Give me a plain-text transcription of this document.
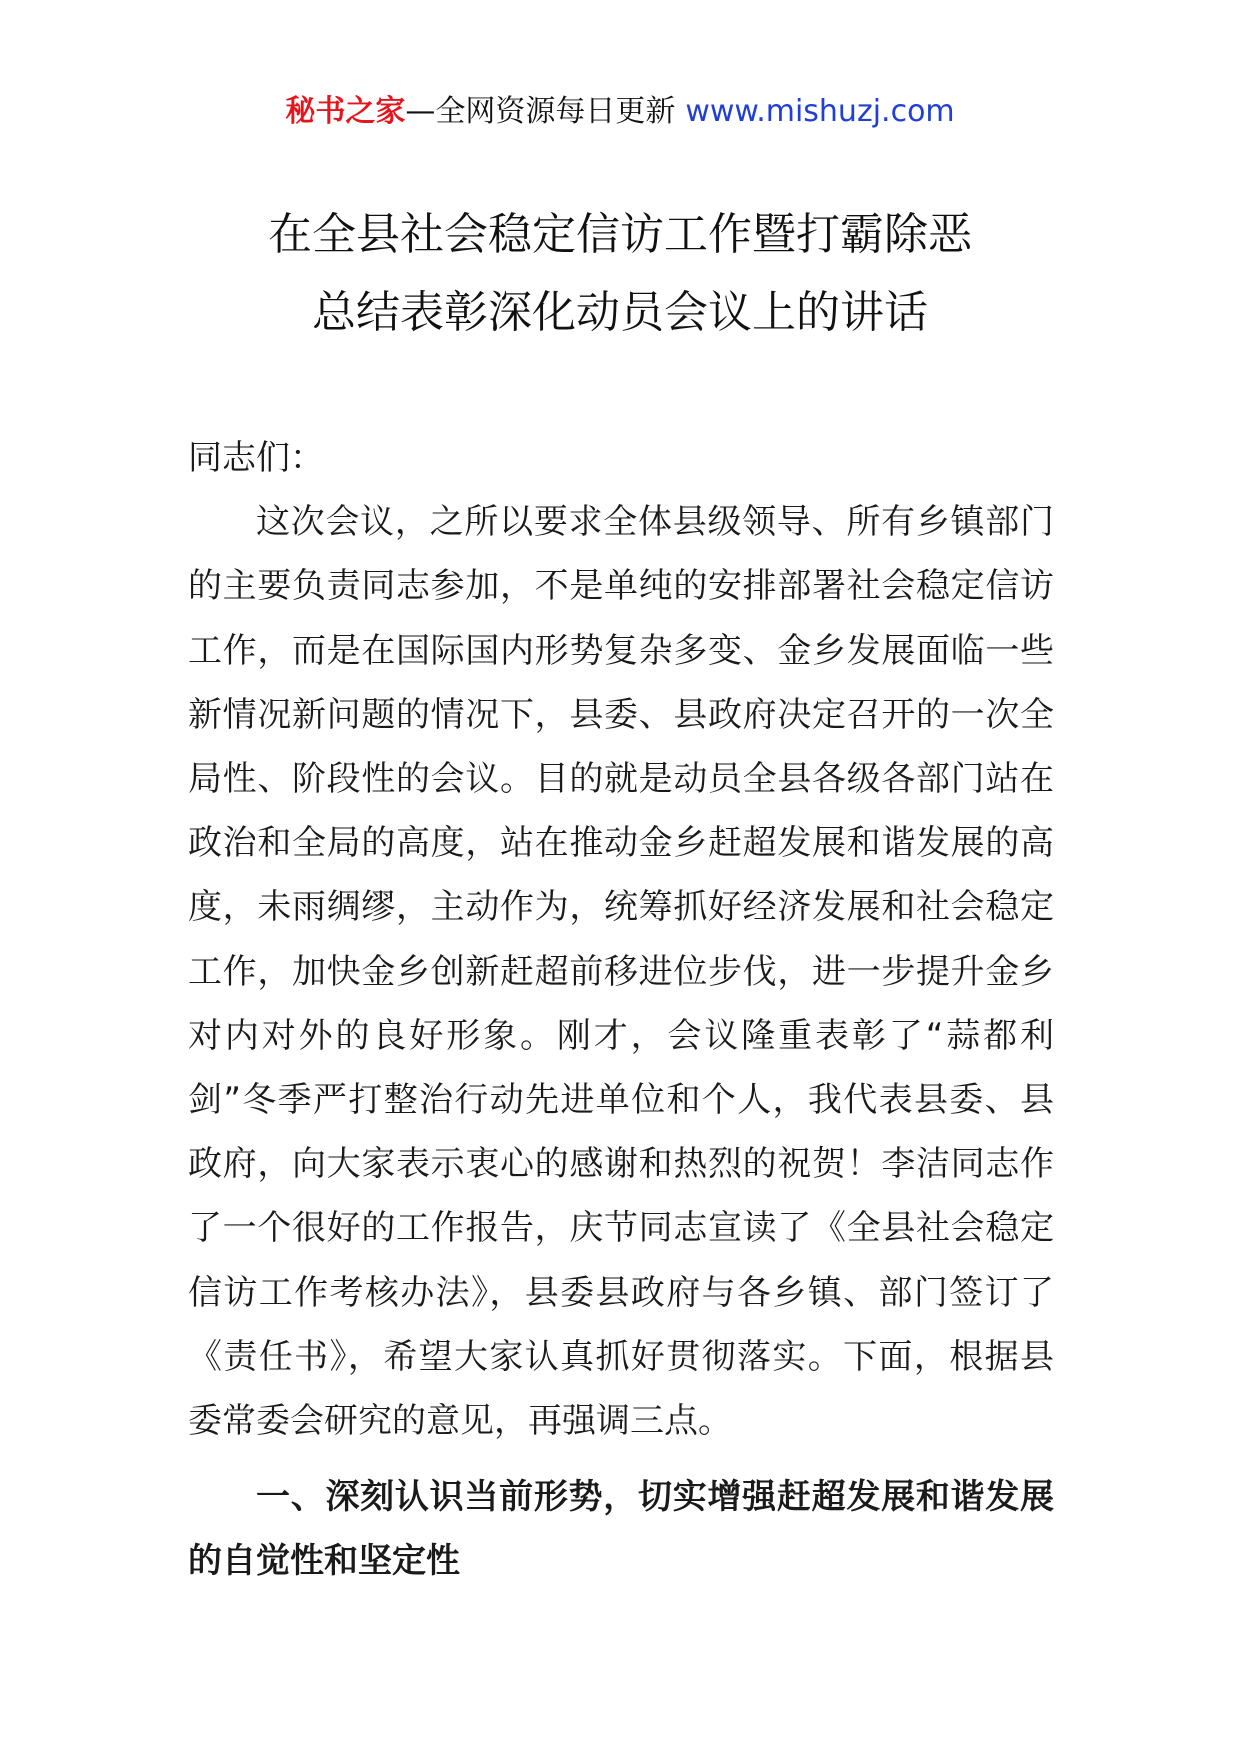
秘书之家—全网资源每日更新 www.mishuzj.com
在全县社会稳定信访工作暨打霸除恶
总结表彰深化动员会议上的讲话

同志们：

这次会议，之所以要求全体县级领导、所有乡镇部门的主要负责同志参加，不是单纯的安排部署社会稳定信访工作，而是在国际国内形势复杂多变、金乡发展面临一些新情况新问题的情况下，县委、县政府决定召开的一次全局性、阶段性的会议。目的就是动员全县各级各部门站在政治和全局的高度，站在推动金乡赶超发展和谐发展的高度，未雨绸缪，主动作为，统筹抓好经济发展和社会稳定工作，加快金乡创新赶超前移进位步伐，进一步提升金乡对内对外的良好形象。刚才，会议隆重表彰了“蒜都利剑”冬季严打整治行动先进单位和个人，我代表县委、县政府，向大家表示衷心的感谢和热烈的祝贺！李洁同志作了一个很好的工作报告，庆节同志宣读了《全县社会稳定信访工作考核办法》，县委县政府与各乡镇、部门签订了《责任书》，希望大家认真抓好贯彻落实。下面，根据县委常委会研究的意见，再强调三点。

一、深刻认识当前形势，切实增强赶超发展和谐发展的自觉性和坚定性
